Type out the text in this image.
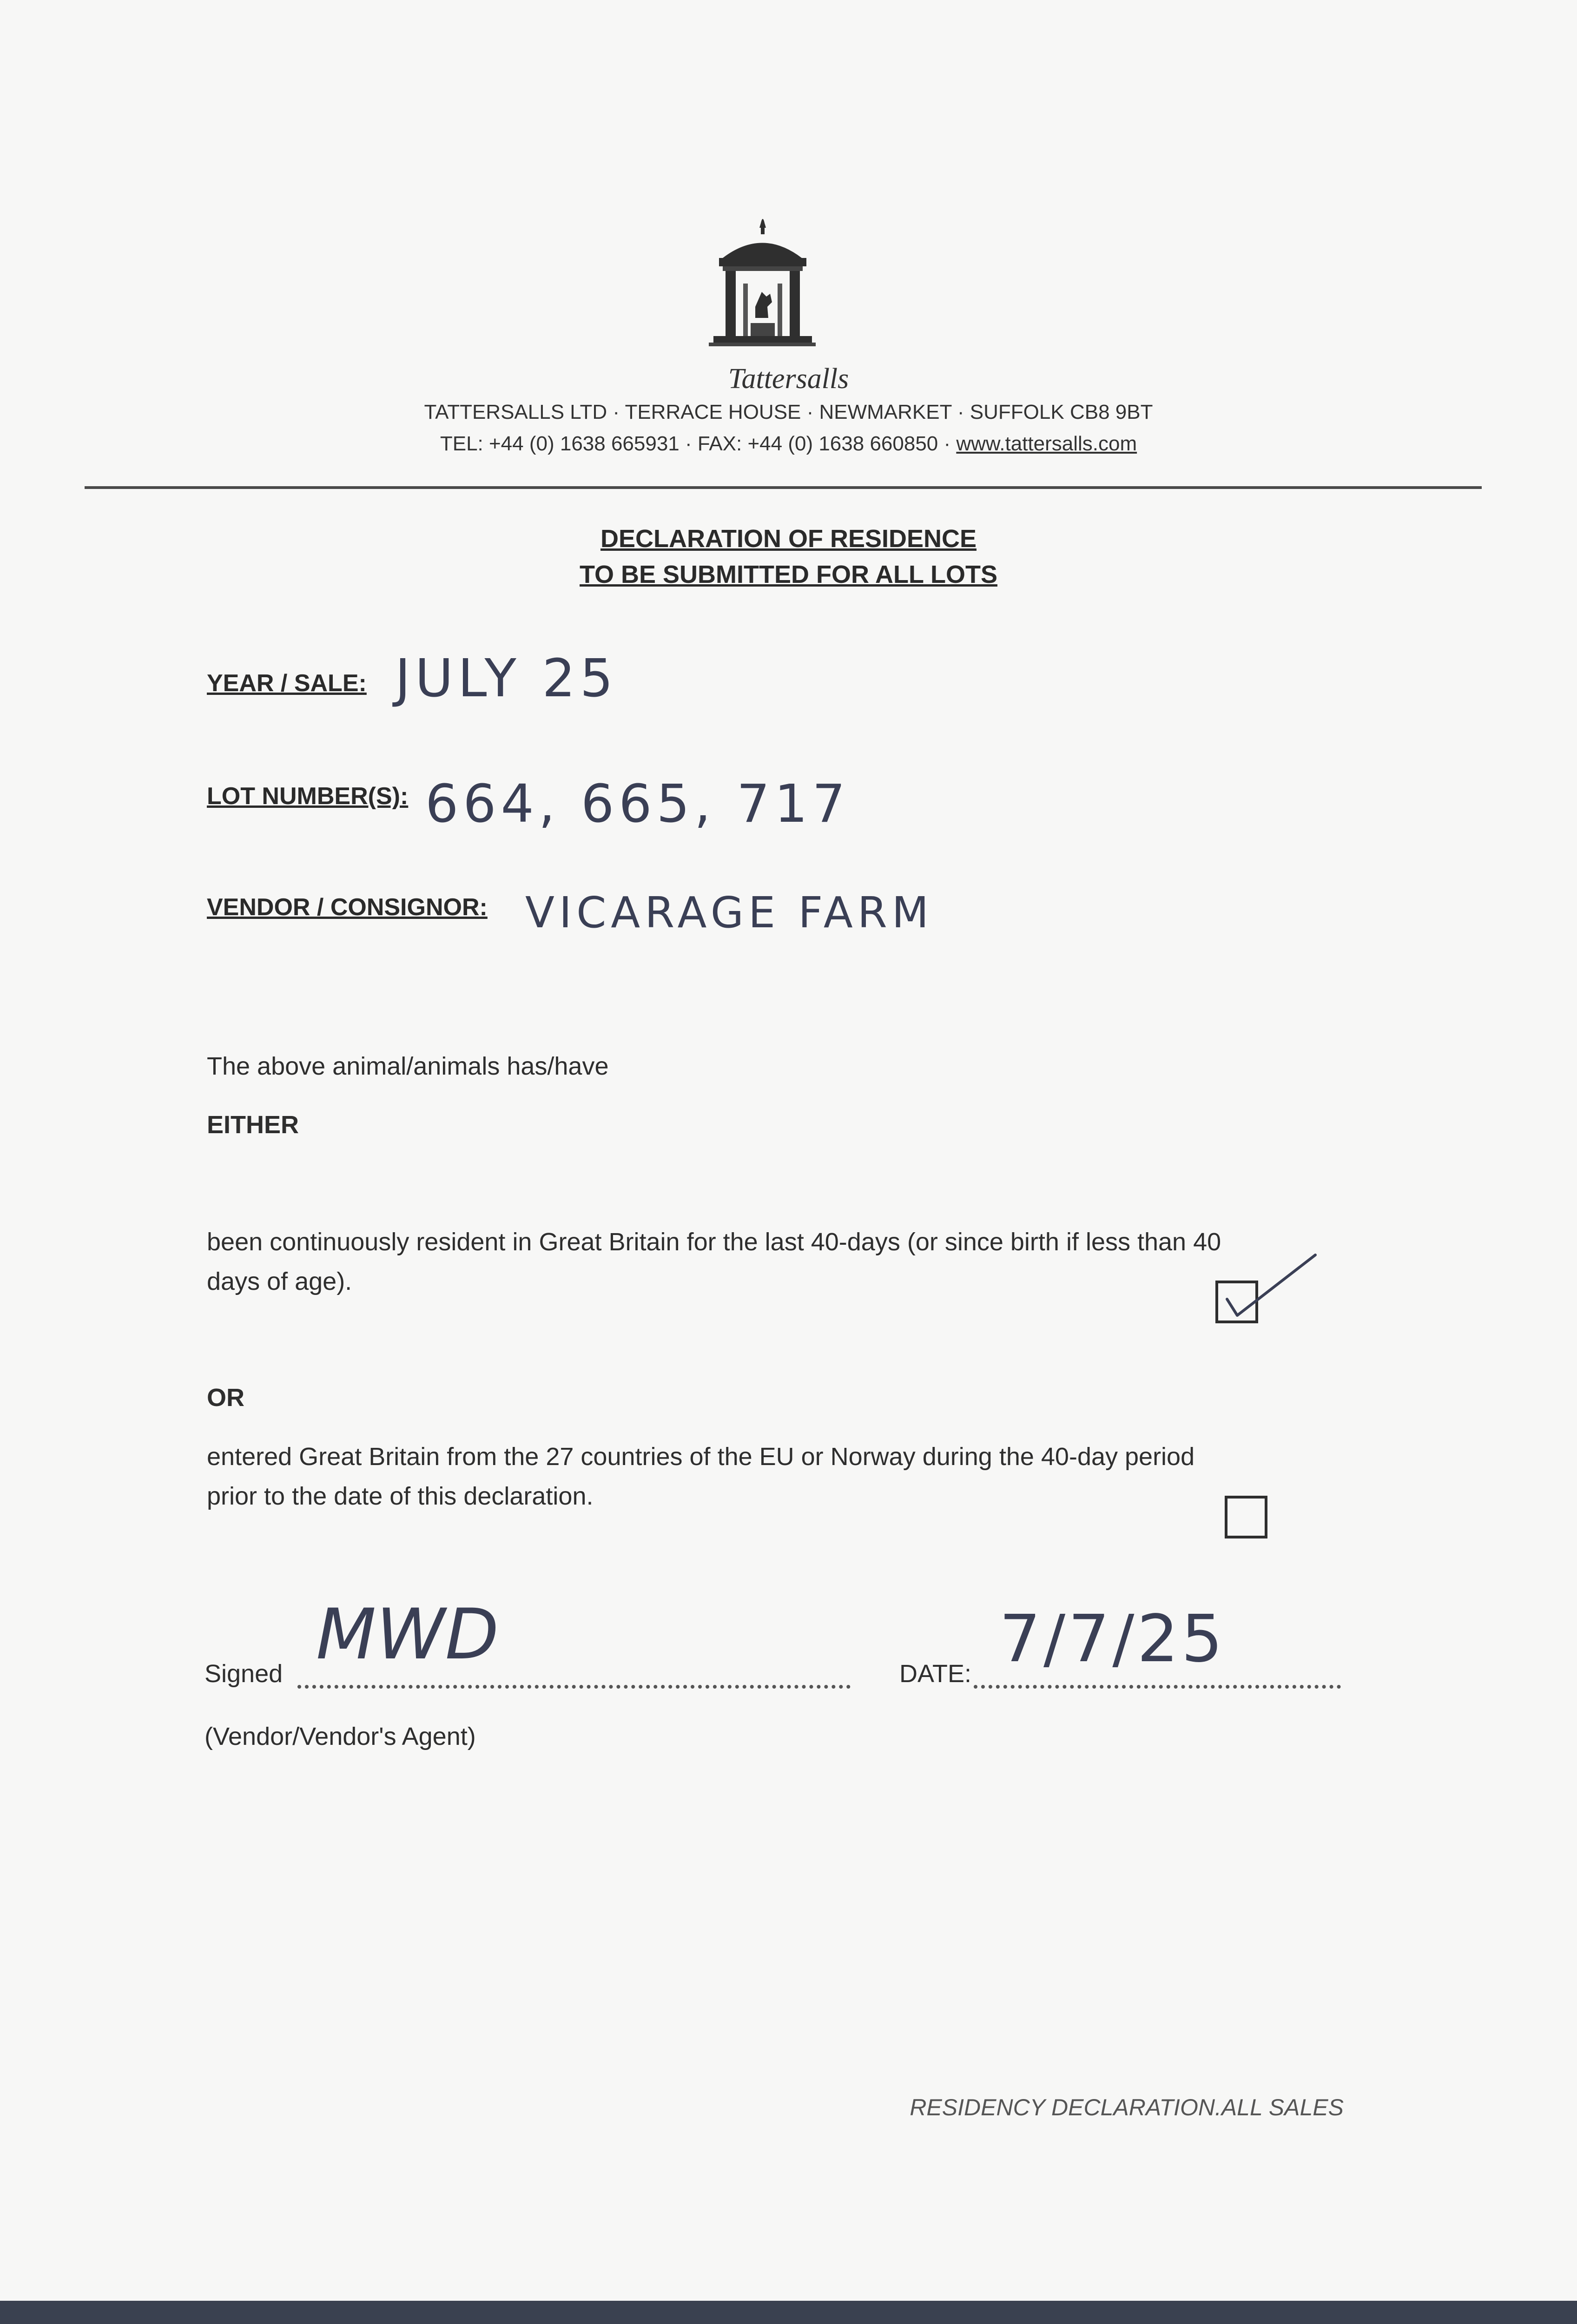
Tattersalls
TATTERSALLS LTD · TERRACE HOUSE · NEWMARKET · SUFFOLK CB8 9BT
TEL: +44 (0) 1638 665931 · FAX: +44 (0) 1638 660850 · www.tattersalls.com
DECLARATION OF RESIDENCE
TO BE SUBMITTED FOR ALL LOTS
YEAR / SALE: JULY 25
LOT NUMBER(S): 664, 665, 717
VENDOR / CONSIGNOR: VICARAGE FARM
The above animal/animals has/have
EITHER
been continuously resident in Great Britain for the last 40-days (or since birth if less than 40
days of age).
OR
entered Great Britain from the 27 countries of the EU or Norway during the 40-day period
prior to the date of this declaration.
Signed MWD	DATE: 7/7/25
(Vendor/Vendor's Agent)
RESIDENCY DECLARATION.ALL SALES
